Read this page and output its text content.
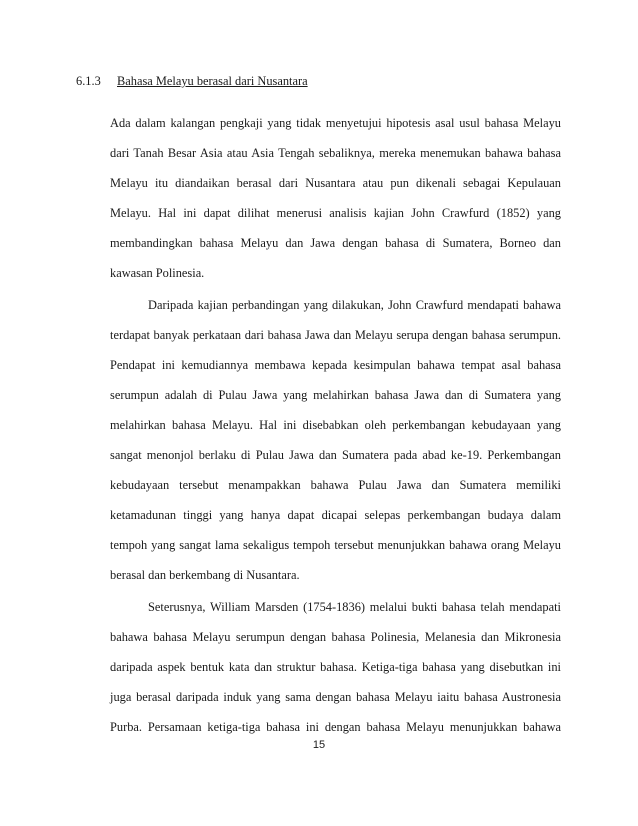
6.1.3 Bahasa Melayu berasal dari Nusantara
Ada dalam kalangan pengkaji yang tidak menyetujui hipotesis asal usul bahasa Melayu
dari Tanah Besar Asia atau Asia Tengah sebaliknya, mereka menemukan bahawa bahasa
Melayu itu diandaikan berasal dari Nusantara atau pun dikenali sebagai Kepulauan
Melayu. Hal ini dapat dilihat menerusi analisis kajian John Crawfurd (1852) yang
membandingkan bahasa Melayu dan Jawa dengan bahasa di Sumatera, Borneo dan
kawasan Polinesia.
Daripada kajian perbandingan yang dilakukan, John Crawfurd mendapati bahawa
terdapat banyak perkataan dari bahasa Jawa dan Melayu serupa dengan bahasa serumpun.
Pendapat ini kemudiannya membawa kepada kesimpulan bahawa tempat asal bahasa
serumpun adalah di Pulau Jawa yang melahirkan bahasa Jawa dan di Sumatera yang
melahirkan bahasa Melayu. Hal ini disebabkan oleh perkembangan kebudayaan yang
sangat menonjol berlaku di Pulau Jawa dan Sumatera pada abad ke-19. Perkembangan
kebudayaan tersebut menampakkan bahawa Pulau Jawa dan Sumatera memiliki
ketamadunan tinggi yang hanya dapat dicapai selepas perkembangan budaya dalam
tempoh yang sangat lama sekaligus tempoh tersebut menunjukkan bahawa orang Melayu
berasal dan berkembang di Nusantara.
Seterusnya, William Marsden (1754-1836) melalui bukti bahasa telah mendapati
bahawa bahasa Melayu serumpun dengan bahasa Polinesia, Melanesia dan Mikronesia
daripada aspek bentuk kata dan struktur bahasa. Ketiga-tiga bahasa yang disebutkan ini
juga berasal daripada induk yang sama dengan bahasa Melayu iaitu bahasa Austronesia
Purba. Persamaan ketiga-tiga bahasa ini dengan bahasa Melayu menunjukkan bahawa
15
